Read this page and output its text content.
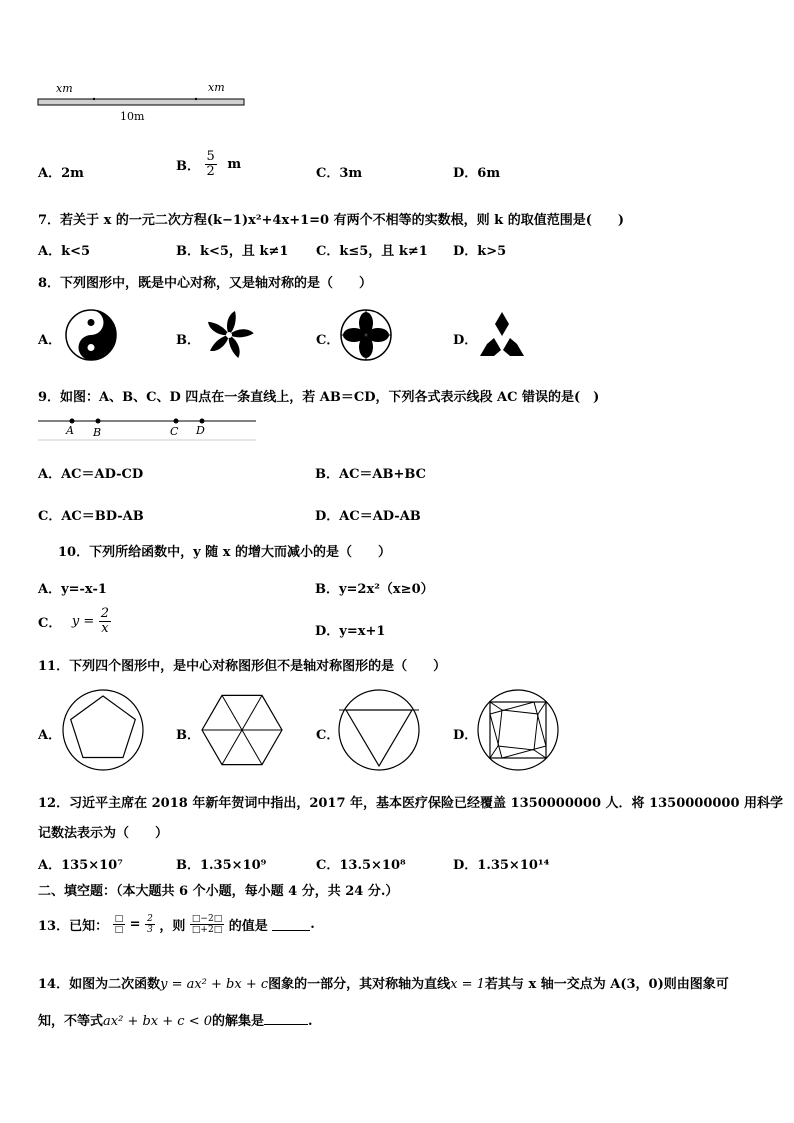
xm	xm
10m
A．2m	B． $\frac{5}{2}$ m
C．3m	D．6m
7．若关于 x 的一元二次方程(k−1)x²+4x+1=0 有两个不相等的实数根，则 k 的取值范围是(　　)
A．k<5	B．k<5，且 k≠1 C．k≤5，且 k≠1 D．k>5
8．下列图形中，既是中心对称，又是轴对称的是（　　）
A．	B．	C．	D．
9．如图：A、B、C、D 四点在一条直线上，若 AB＝CD，下列各式表示线段 AC 错误的是(　)
A B	C D
A．AC＝AD-CD	B．AC＝AB+BC
C．AC＝BD-AB	D．AC＝AD-AB
10．下列所给函数中，y 随 x 的增大而减小的是（　　）
A．y=-x-1	B．y=2x²（x≥0）
C． $y = \frac{2}{x}$	D．y=x+1
11．下列四个图形中，是中心对称图形但不是轴对称图形的是（　　）
A．	B．	C．	D．
12．习近平主席在 2018 年新年贺词中指出，2017 年，基本医疗保险已经覆盖 1350000000 人．将 1350000000 用科学
记数法表示为（　　）
A．135×10⁷	B．1.35×10⁹	C．13.5×10⁸	D．1.35×10¹⁴
二、填空题：（本大题共 6 个小题，每小题 4 分，共 24 分.）
13．已知： $\frac{□}{□} = \frac{2}{3}$ ，则 $\frac{□-2□}{□+2□}$ 的值是	.
14．如图为二次函数y = ax² + bx + c图象的一部分，其对称轴为直线x = 1若其与 x 轴一交点为 A(3，0)则由图象可
知，不等式ax² + bx + c < 0的解集是	.
